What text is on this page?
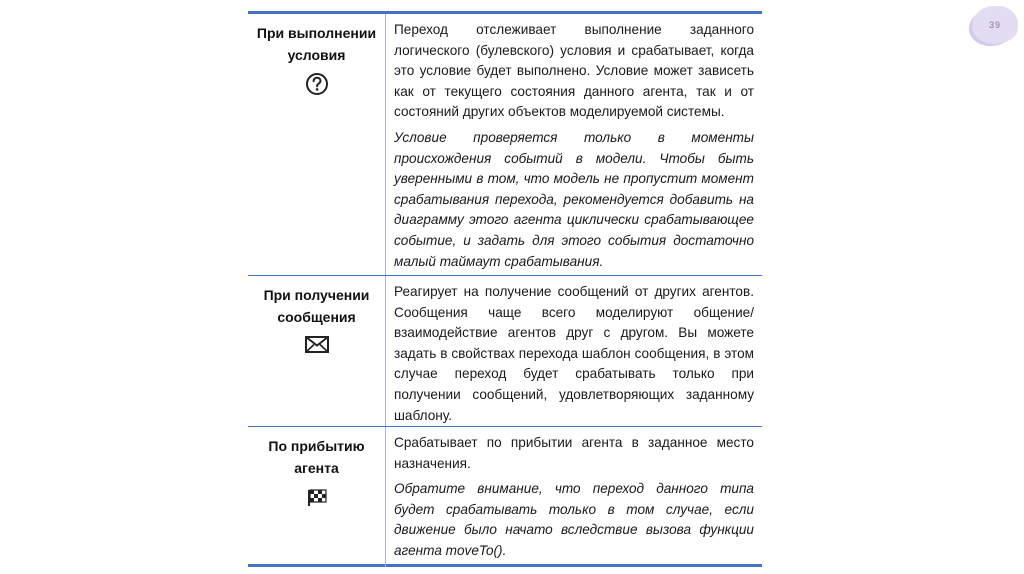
39
При выполнении условия

Переход отслеживает выполнение заданного логического (булевского) условия и срабатывает, когда это условие будет выполнено. Условие может зависеть как от текущего состояния данного агента, так и от состояний других объектов моделируемой системы.

Условие проверяется только в моменты происхождения событий в модели. Чтобы быть уверенными в том, что модель не пропустит момент срабатывания перехода, рекомендуется добавить на диаграмму этого агента циклически срабатывающее событие, и задать для этого события достаточно малый таймаут срабатывания.

При получении сообщения

Реагирует на получение сообщений от других агентов. Сообщения чаще всего моделируют общение/взаимодействие агентов друг с другом. Вы можете задать в свойствах перехода шаблон сообщения, в этом случае переход будет срабатывать только при получении сообщений, удовлетворяющих заданному шаблону.

По прибытию агента

Срабатывает по прибытии агента в заданное место назначения.

Обратите внимание, что переход данного типа будет срабатывать только в том случае, если движение было начато вследствие вызова функции агента moveTo().
